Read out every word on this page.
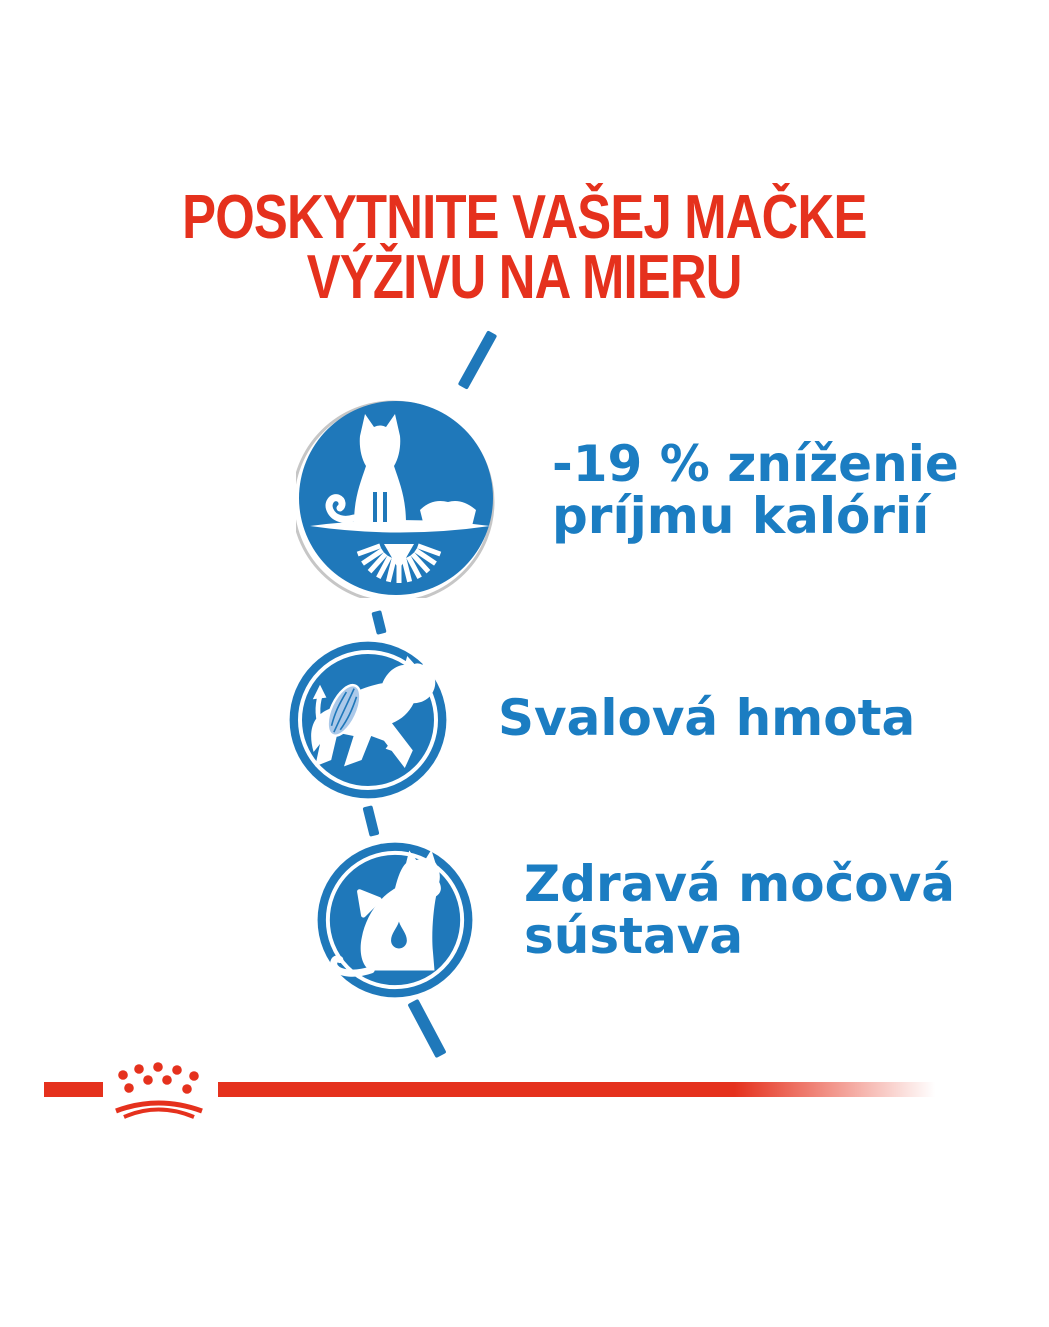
POSKYTNITE VAŠEJ MAČKE
VÝŽIVU NA MIERU
-19 % zníženie
príjmu kalórií
Svalová hmota
Zdravá močová
sústava
